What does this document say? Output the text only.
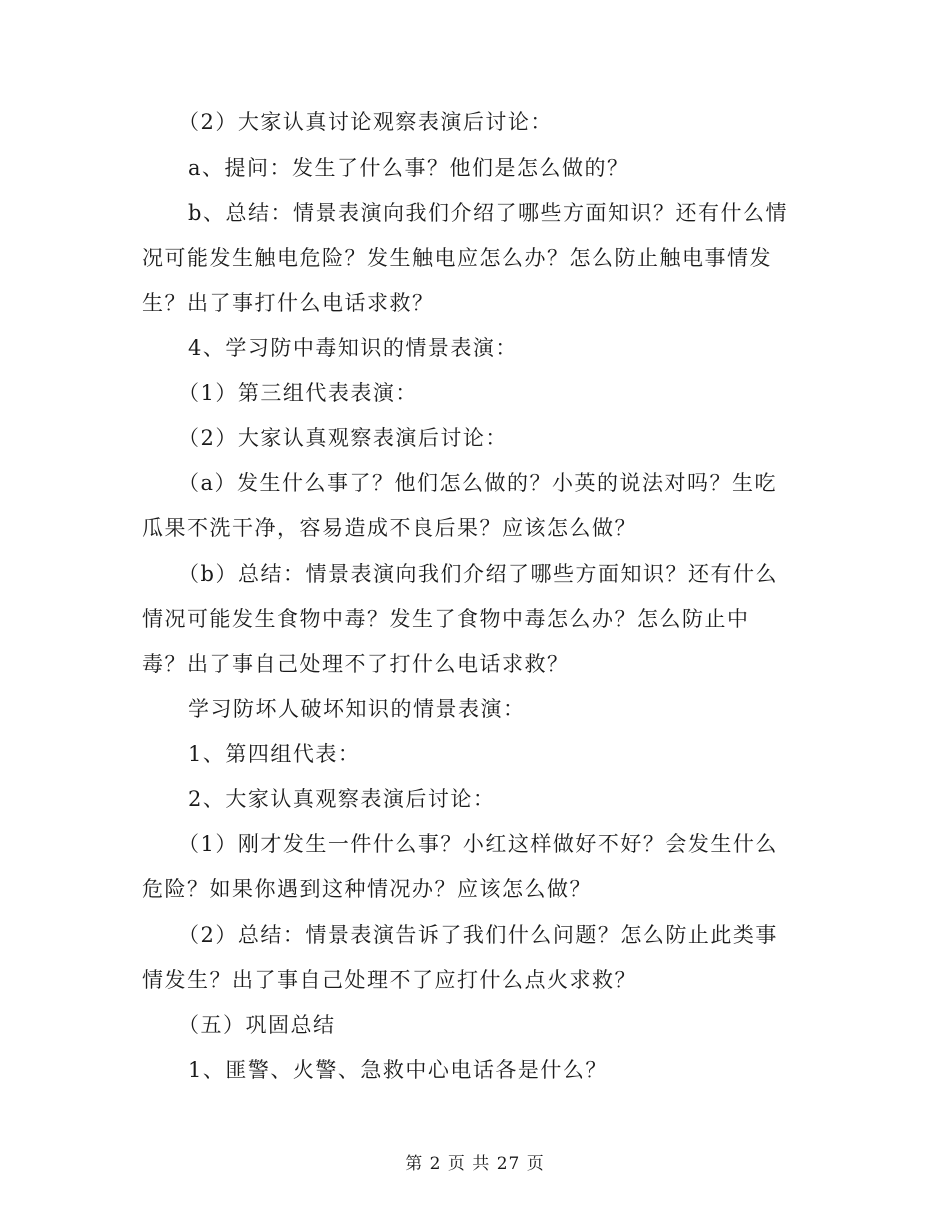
（2）大家认真讨论观察表演后讨论：
a、提问：发生了什么事？他们是怎么做的？
b、总结：情景表演向我们介绍了哪些方面知识？还有什么情
况可能发生触电危险？发生触电应怎么办？怎么防止触电事情发
生？出了事打什么电话求救？
4、学习防中毒知识的情景表演：
（1）第三组代表表演：
（2）大家认真观察表演后讨论：
（a）发生什么事了？他们怎么做的？小英的说法对吗？生吃
瓜果不洗干净，容易造成不良后果？应该怎么做？
（b）总结：情景表演向我们介绍了哪些方面知识？还有什么
情况可能发生食物中毒？发生了食物中毒怎么办？怎么防止中
毒？出了事自己处理不了打什么电话求救？
学习防坏人破坏知识的情景表演：
1、第四组代表：
2、大家认真观察表演后讨论：
（1）刚才发生一件什么事？小红这样做好不好？会发生什么
危险？如果你遇到这种情况办？应该怎么做？
（2）总结：情景表演告诉了我们什么问题？怎么防止此类事
情发生？出了事自己处理不了应打什么点火求救？
（五）巩固总结
1、匪警、火警、急救中心电话各是什么？
第 2 页 共 27 页
